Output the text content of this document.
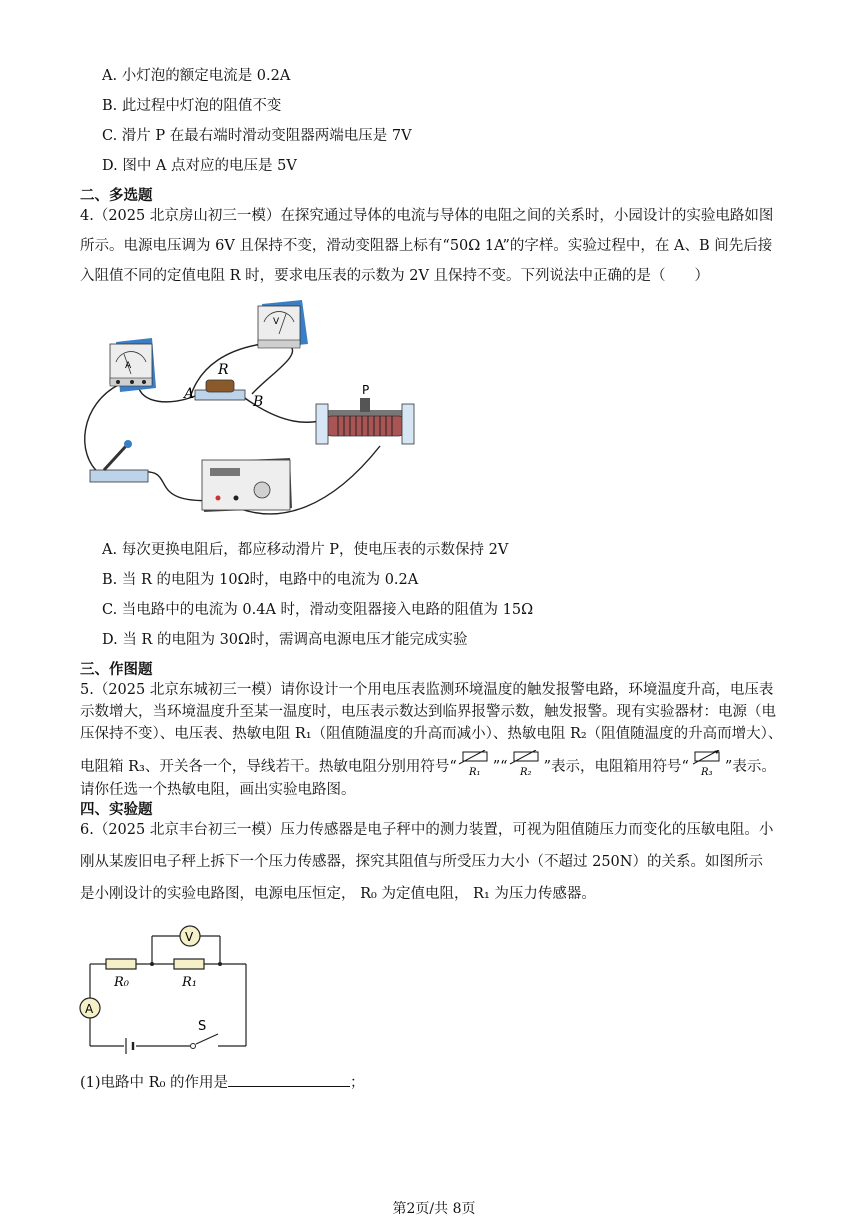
A. 小灯泡的额定电流是 0.2A
B. 此过程中灯泡的阻值不变
C. 滑片 P 在最右端时滑动变阻器两端电压是 7V
D. 图中 A 点对应的电压是 5V
二、多选题
4.（2025 北京房山初三一模）在探究通过导体的电流与导体的电阻之间的关系时，小园设计的实验电路如图
所示。电源电压调为 6V 且保持不变，滑动变阻器上标有“50Ω 1A”的字样。实验过程中，在 A、B 间先后接
入阻值不同的定值电阻 R 时，要求电压表的示数为 2V 且保持不变。下列说法中正确的是（　　）
V
A	R
A	B
P
A. 每次更换电阻后，都应移动滑片 P，使电压表的示数保持 2V
B. 当 R 的电阻为 10Ω时，电路中的电流为 0.2A
C. 当电路中的电流为 0.4A 时，滑动变阻器接入电路的阻值为 15Ω
D. 当 R 的电阻为 30Ω时，需调高电源电压才能完成实验
三、作图题
5.（2025 北京东城初三一模）请你设计一个用电压表监测环境温度的触发报警电路，环境温度升高，电压表
示数增大，当环境温度升至某一温度时，电压表示数达到临界报警示数，触发报警。现有实验器材：电源（电
压保持不变）、电压表、热敏电阻 R₁（阻值随温度的升高而减小）、热敏电阻 R₂（阻值随温度的升高而增大）、
电阻箱 R₃、开关各一个，导线若干。热敏电阻分别用符号“ R₁ ”“ R₂ ”表示，电阻箱用符号“ R₃ ”表示。
请你任选一个热敏电阻，画出实验电路图。
四、实验题
6.（2025 北京丰台初三一模）压力传感器是电子秤中的测力装置，可视为阻值随压力而变化的压敏电阻。小
刚从某废旧电子秤上拆下一个压力传感器，探究其阻值与所受压力大小（不超过 250N）的关系。如图所示
是小刚设计的实验电路图，电源电压恒定， R₀ 为定值电阻， R₁ 为压力传感器。
V
A
S
R₀	R₁
(1)电路中 R₀ 的作用是	；
第2页/共 8页
